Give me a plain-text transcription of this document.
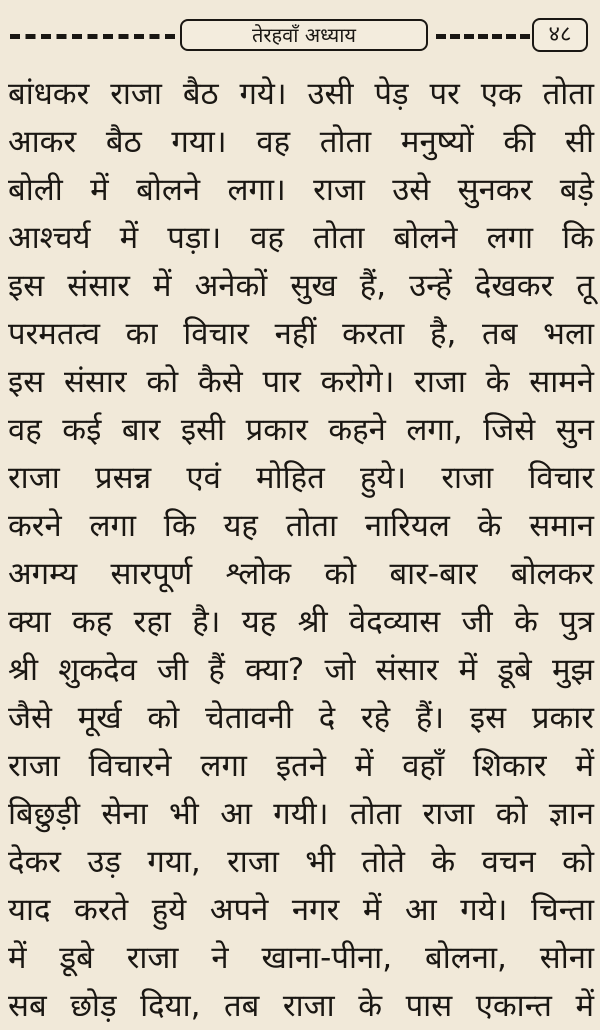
तेरहवाँ अध्याय	४८
बांधकर राजा बैठ गये। उसी पेड़ पर एक तोता
आकर बैठ गया। वह तोता मनुष्यों की सी
बोली में बोलने लगा। राजा उसे सुनकर बड़े
आश्चर्य में पड़ा। वह तोता बोलने लगा कि
इस संसार में अनेकों सुख हैं, उन्हें देखकर तू
परमतत्व का विचार नहीं करता है, तब भला
इस संसार को कैसे पार करोगे। राजा के सामने
वह कई बार इसी प्रकार कहने लगा, जिसे सुन
राजा प्रसन्न एवं मोहित हुये। राजा विचार
करने लगा कि यह तोता नारियल के समान
अगम्य सारपूर्ण श्लोक को बार-बार बोलकर
क्या कह रहा है। यह श्री वेदव्यास जी के पुत्र
श्री शुकदेव जी हैं क्या? जो संसार में डूबे मुझ
जैसे मूर्ख को चेतावनी दे रहे हैं। इस प्रकार
राजा विचारने लगा इतने में वहाँ शिकार में
बिछुड़ी सेना भी आ गयी। तोता राजा को ज्ञान
देकर उड़ गया, राजा भी तोते के वचन को
याद करते हुये अपने नगर में आ गये। चिन्ता
में डूबे राजा ने खाना-पीना, बोलना, सोना
सब छोड़ दिया, तब राजा के पास एकान्त में
